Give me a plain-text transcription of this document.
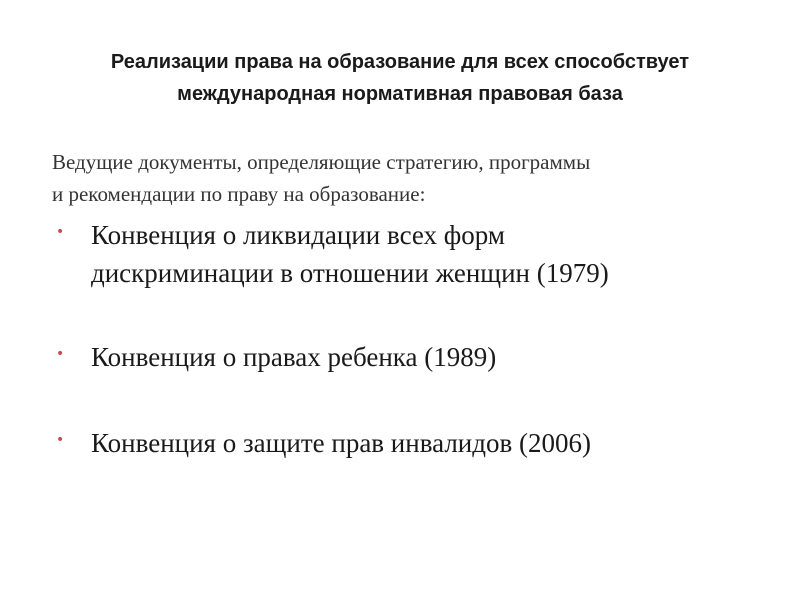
Реализации права на образование для всех способствует
международная нормативная правовая база
Ведущие документы, определяющие стратегию, программы
и рекомендации по праву на образование:
• Конвенция о ликвидации всех форм
дискриминации в отношении женщин (1979)
• Конвенция о правах ребенка (1989)
• Конвенция о защите прав инвалидов (2006)
